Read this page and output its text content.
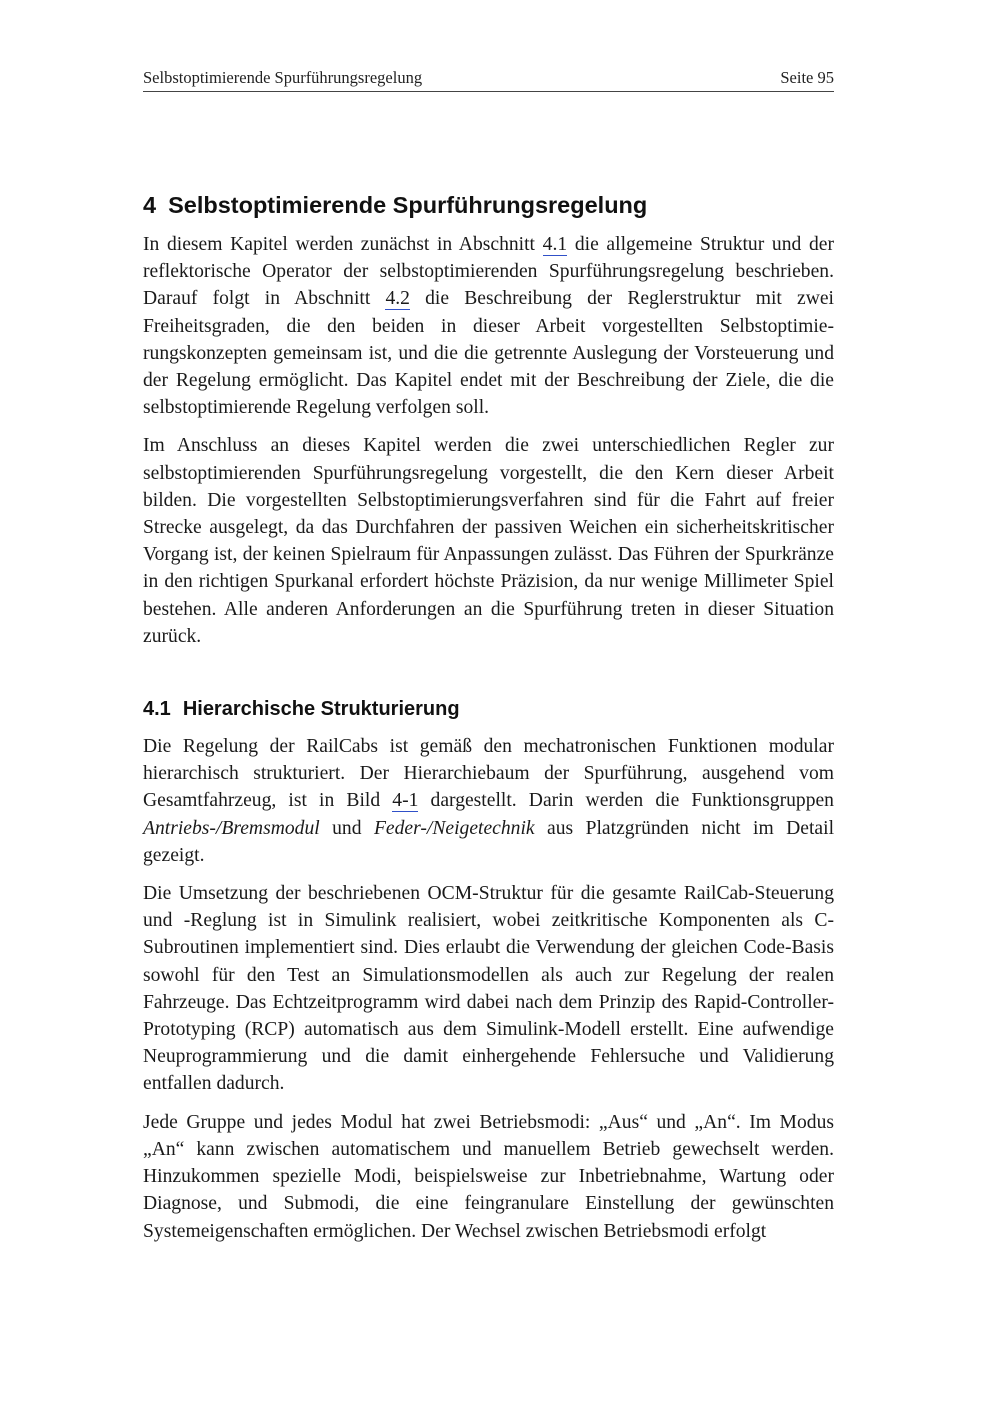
Selbstoptimierende Spurführungsregelung	Seite 95
4 Selbstoptimierende Spurführungsregelung

In diesem Kapitel werden zunächst in Abschnitt 4.1 die allgemeine Struktur und der reflektorische Operator der selbstoptimierenden Spurführungsregelung beschrieben. Darauf folgt in Abschnitt 4.2 die Beschreibung der Reglerstruktur mit zwei Freiheitsgraden, die den beiden in dieser Arbeit vorgestellten Selbstoptimierungskonzepten gemeinsam ist, und die die getrennte Auslegung der Vorsteuerung und der Regelung ermöglicht. Das Kapitel endet mit der Beschreibung der Ziele, die die selbstoptimierende Regelung verfolgen soll.

Im Anschluss an dieses Kapitel werden die zwei unterschiedlichen Regler zur selbstoptimierenden Spurführungsregelung vorgestellt, die den Kern dieser Arbeit bilden. Die vorgestellten Selbstoptimierungsverfahren sind für die Fahrt auf freier Strecke ausgelegt, da das Durchfahren der passiven Weichen ein sicherheitskritischer Vorgang ist, der keinen Spielraum für Anpassungen zulässt. Das Führen der Spurkränze in den richtigen Spurkanal erfordert höchste Präzision, da nur wenige Millimeter Spiel bestehen. Alle anderen Anforderungen an die Spurführung treten in dieser Situation zurück.

4.1 Hierarchische Strukturierung

Die Regelung der RailCabs ist gemäß den mechatronischen Funktionen modular hierarchisch strukturiert. Der Hierarchiebaum der Spurführung, ausgehend vom Gesamtfahrzeug, ist in Bild 4-1 dargestellt. Darin werden die Funktionsgruppen Antriebs-/Bremsmodul und Feder-/Neigetechnik aus Platzgründen nicht im Detail gezeigt.

Die Umsetzung der beschriebenen OCM-Struktur für die gesamte RailCab-Steuerung und -Reglung ist in Simulink realisiert, wobei zeitkritische Komponenten als C-Subroutinen implementiert sind. Dies erlaubt die Verwendung der gleichen Code-Basis sowohl für den Test an Simulationsmodellen als auch zur Regelung der realen Fahrzeuge. Das Echtzeitprogramm wird dabei nach dem Prinzip des Rapid-Controller-Prototyping (RCP) automatisch aus dem Simulink-Modell erstellt. Eine aufwendige Neuprogrammierung und die damit einhergehende Fehlersuche und Validierung entfallen dadurch.

Jede Gruppe und jedes Modul hat zwei Betriebsmodi: „Aus“ und „An“. Im Modus „An“ kann zwischen automatischem und manuellem Betrieb gewechselt werden. Hinzukommen spezielle Modi, beispielsweise zur Inbetriebnahme, Wartung oder Diagnose, und Submodi, die eine feingranulare Einstellung der gewünschten Systemeigenschaften ermöglichen. Der Wechsel zwischen Betriebsmodi erfolgt
